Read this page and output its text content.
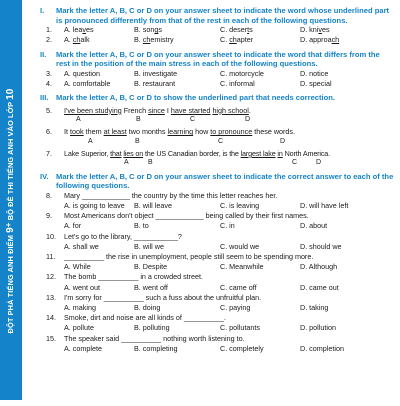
ĐỘT PHÁ TIẾNG ANH ĐIỂM 9+ BỘ ĐỀ THI TIẾNG ANH VÀO LỚP 10
I.	Mark the letter A, B, C or D on your answer sheet to indicate the word whose underlined part is pronounced differently from that of the rest in each of the following questions.
1.	A. leaves	B. songs	C. deserts	D. knives
2.	A. chalk	B. chemistry	C. chapter	D. approach
II.	Mark the letter A, B, C or D on your answer sheet to indicate the word that differs from the rest in the position of the main stress in each of the following questions.
3.	A. question	B. investigate	C. motorcycle	D. notice
4.	A. comfortable	B. restaurant	C. informal	D. special
III. Mark the letter A, B, C or D to show the underlined part that needs correction.
5.	I've been studying French since I have started high school.
A	B	C	D
6.	It took them at least two months learning how to pronounce these words.
A	B	C	D
7.	Lake Superior, that lies on the US Canadian border, is the largest lake in North America.
A	B	C	D
IV. Mark the letter A, B, C or D on your answer sheet to indicate the correct answer to each of the following questions.
8.	Mary ____________ the country by the time this letter reaches her.
A. is going to leave	B. will leave	C. is leaving	D. will have left
9.	Most Americans don't object ____________ being called by their first names.
A. for	B. to	C. in	D. about
10.	Let's go to the library, ___________?
A. shall we	B. will we	C. would we	D. should we
11.	__________ the rise in unemployment, people still seem to be spending more.
A. While	B. Despite	C. Meanwhile	D. Although
12.	The bomb __________ in a crowded street.
A. went out	B. went off	C. came off	D. came out
13.	I'm sorry for __________ such a fuss about the unfruitful plan.
A. making	B. doing	C. paying	D. taking
14.	Smoke, dirt and noise are all kinds of __________.
A. pollute	B. polluting	C. pollutants	D. pollution
15.	The speaker said __________ nothing worth listening to.
A. complete	B. completing	C. completely	D. completion
